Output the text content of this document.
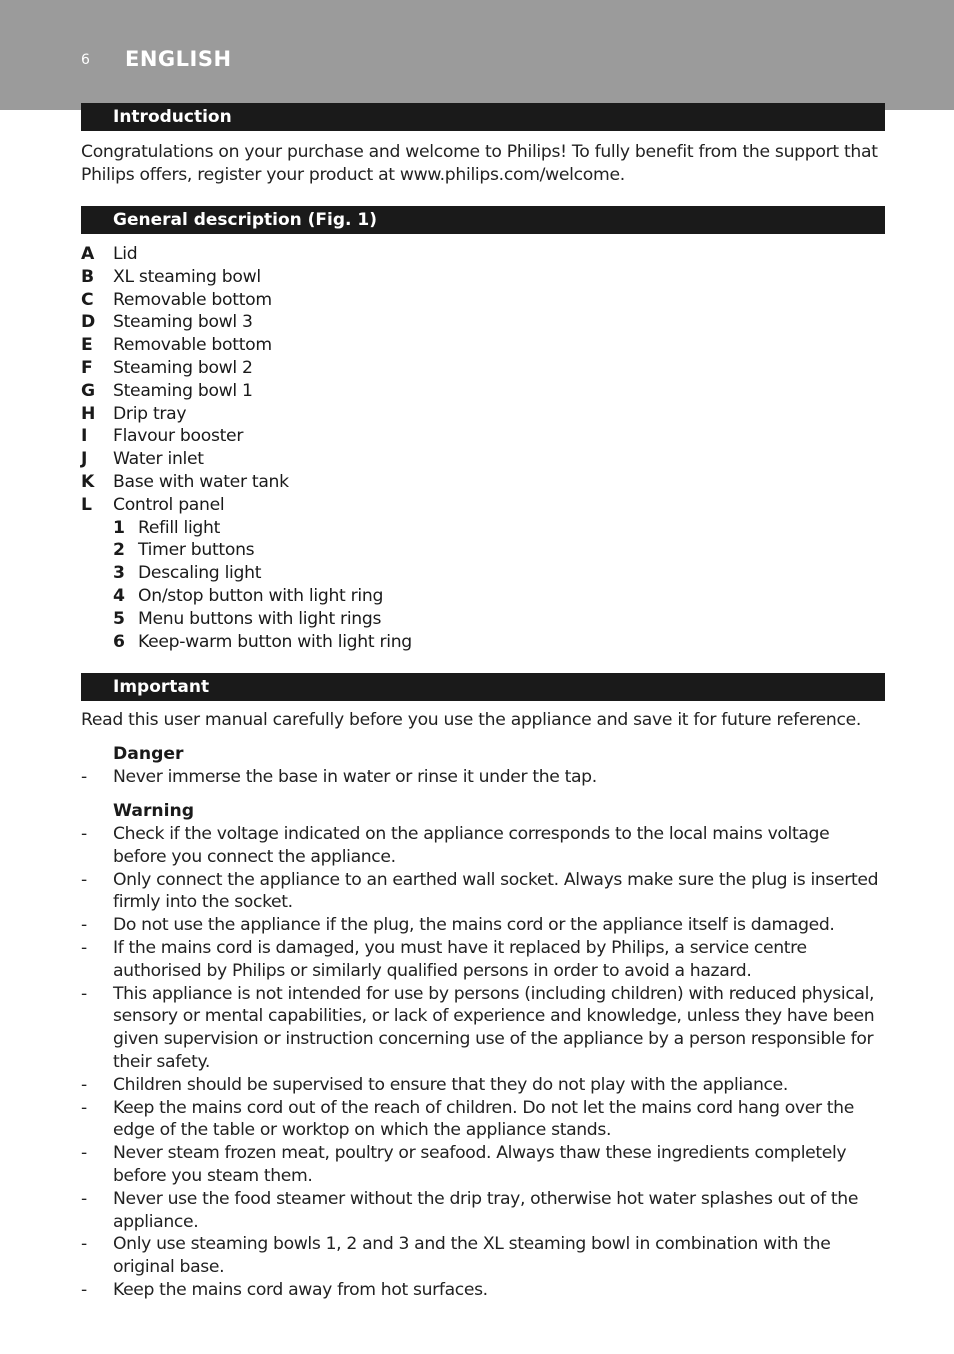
6 ENGLISH
Introduction
Congratulations on your purchase and welcome to Philips! To fully benefit from the support that Philips offers, register your product at www.philips.com/welcome.
General description (Fig. 1)
A Lid
B XL steaming bowl
C Removable bottom
D Steaming bowl 3
E Removable bottom
F Steaming bowl 2
G Steaming bowl 1
H Drip tray
I Flavour booster
J Water inlet
K Base with water tank
L Control panel
1 Refill light
2 Timer buttons
3 Descaling light
4 On/stop button with light ring
5 Menu buttons with light rings
6 Keep-warm button with light ring
Important
Read this user manual carefully before you use the appliance and save it for future reference.
Danger
- Never immerse the base in water or rinse it under the tap.
Warning
- Check if the voltage indicated on the appliance corresponds to the local mains voltage before you connect the appliance.
- Only connect the appliance to an earthed wall socket. Always make sure the plug is inserted firmly into the socket.
- Do not use the appliance if the plug, the mains cord or the appliance itself is damaged.
- If the mains cord is damaged, you must have it replaced by Philips, a service centre authorised by Philips or similarly qualified persons in order to avoid a hazard.
- This appliance is not intended for use by persons (including children) with reduced physical, sensory or mental capabilities, or lack of experience and knowledge, unless they have been given supervision or instruction concerning use of the appliance by a person responsible for their safety.
- Children should be supervised to ensure that they do not play with the appliance.
- Keep the mains cord out of the reach of children. Do not let the mains cord hang over the edge of the table or worktop on which the appliance stands.
- Never steam frozen meat, poultry or seafood. Always thaw these ingredients completely before you steam them.
- Never use the food steamer without the drip tray, otherwise hot water splashes out of the appliance.
- Only use steaming bowls 1, 2 and 3 and the XL steaming bowl in combination with the original base.
- Keep the mains cord away from hot surfaces.
